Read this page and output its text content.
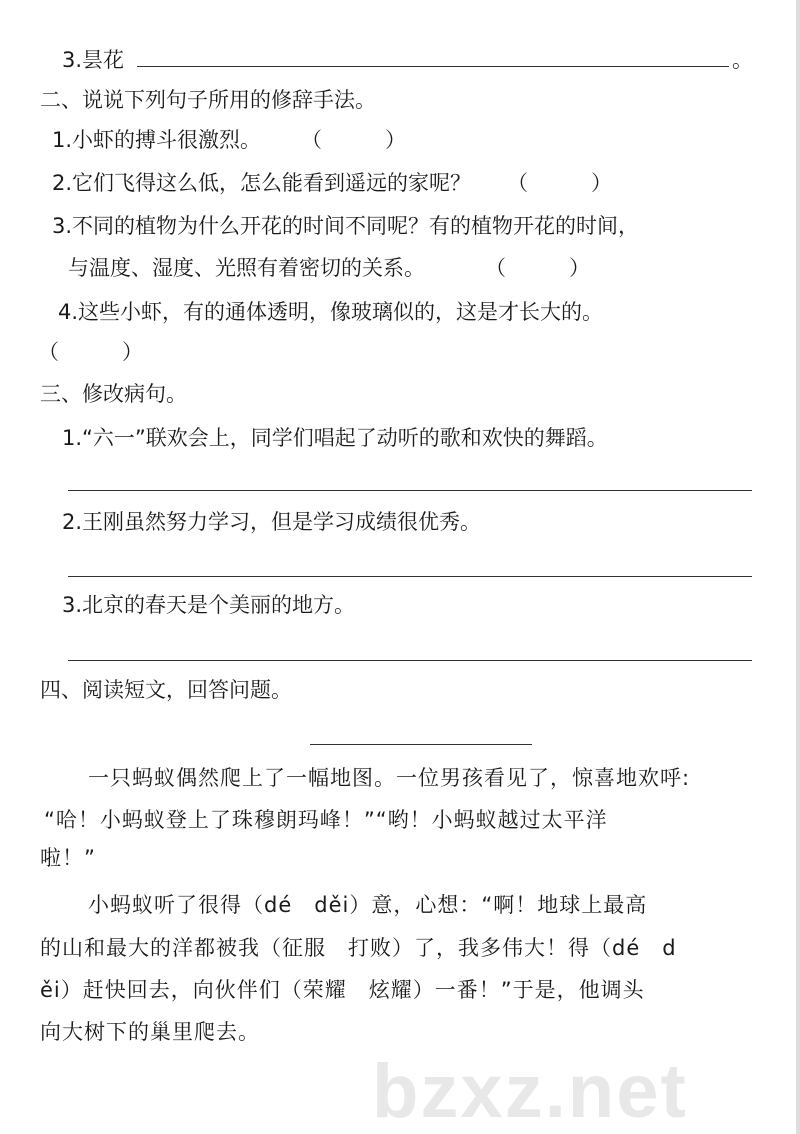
3.昙花	。
二、说说下列句子所用的修辞手法。
1.小虾的搏斗很激烈。 （　　　）
2.它们飞得这么低，怎么能看到遥远的家呢？ （　　　）
3.不同的植物为什么开花的时间不同呢？有的植物开花的时间，
与温度、湿度、光照有着密切的关系。	（　　　）
4.这些小虾，有的通体透明，像玻璃似的，这是才长大的。
（　　　）
三、修改病句。
1.“六一”联欢会上，同学们唱起了动听的歌和欢快的舞蹈。
2.王刚虽然努力学习，但是学习成绩很优秀。
3.北京的春天是个美丽的地方。
四、阅读短文，回答问题。
一只蚂蚁偶然爬上了一幅地图。一位男孩看见了，惊喜地欢呼:
“哈！小蚂蚁登上了珠穆朗玛峰！”“哟！小蚂蚁越过太平洋
啦！”
小蚂蚁听了很得（dé　děi）意，心想：“啊！地球上最高
的山和最大的洋都被我（征服　打败）了，我多伟大！得（dé　d
ěi）赶快回去，向伙伴们（荣耀　炫耀）一番！”于是，他调头
向大树下的巢里爬去。
bzxz.net
